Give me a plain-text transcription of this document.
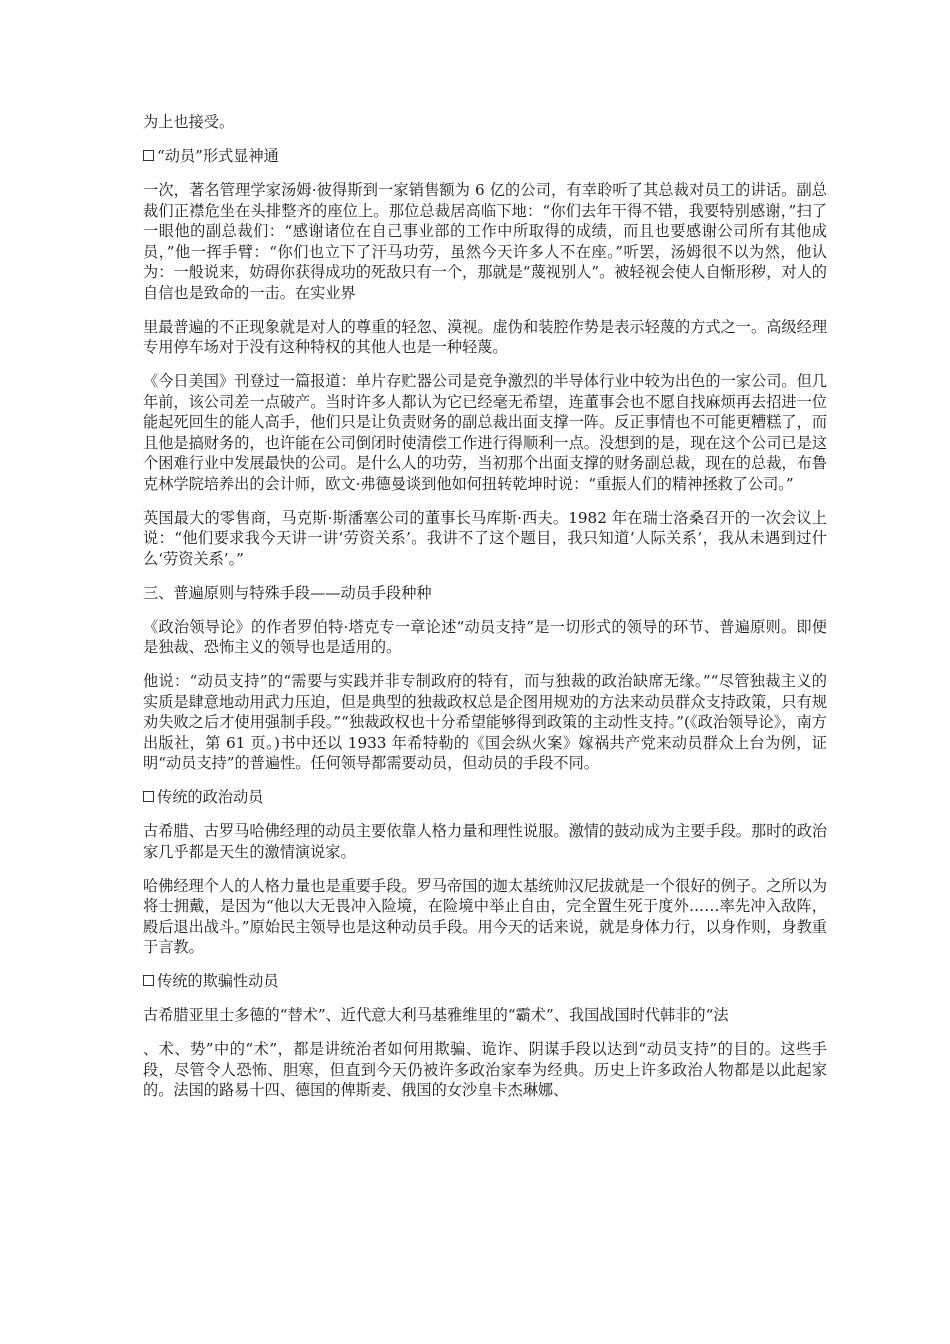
为上也接受。

“动员”形式显神通

一次，著名管理学家汤姆·彼得斯到一家销售额为 6 亿的公司，有幸聆听了其总裁对员工的讲话。副总裁们正襟危坐在头排整齐的座位上。那位总裁居高临下地：“你们去年干得不错，我要特别感谢，”扫了一眼他的副总裁们：“感谢诸位在自己事业部的工作中所取得的成绩，而且也要感谢公司所有其他成员，”他一挥手臂：“你们也立下了汗马功劳，虽然今天许多人不在座。”听罢，汤姆很不以为然，他认为：一般说来，妨碍你获得成功的死敌只有一个，那就是“蔑视别人”。被轻视会使人自惭形秽，对人的自信也是致命的一击。在实业界

里最普遍的不正现象就是对人的尊重的轻忽、漠视。虚伪和装腔作势是表示轻蔑的方式之一。高级经理专用停车场对于没有这种特权的其他人也是一种轻蔑。

《今日美国》刊登过一篇报道：单片存贮器公司是竞争激烈的半导体行业中较为出色的一家公司。但几年前，该公司差一点破产。当时许多人都认为它已经毫无希望，连董事会也不愿自找麻烦再去招进一位能起死回生的能人高手，他们只是让负责财务的副总裁出面支撑一阵。反正事情也不可能更糟糕了，而且他是搞财务的，也许能在公司倒闭时使清偿工作进行得顺利一点。没想到的是，现在这个公司已是这个困难行业中发展最快的公司。是什么人的功劳，当初那个出面支撑的财务副总裁，现在的总裁，布鲁克林学院培养出的会计师，欧文·弗德曼谈到他如何扭转乾坤时说：“重振人们的精神拯救了公司。”

英国最大的零售商，马克斯·斯潘塞公司的董事长马库斯·西夫。1982 年在瑞士洛桑召开的一次会议上说：“他们要求我今天讲一讲‘劳资关系’。我讲不了这个题目，我只知道‘人际关系’，我从未遇到过什么‘劳资关系’。”

三、普遍原则与特殊手段——动员手段种种

《政治领导论》的作者罗伯特·塔克专一章论述“动员支持”是一切形式的领导的环节、普遍原则。即便是独裁、恐怖主义的领导也是适用的。

他说：“动员支持”的“需要与实践并非专制政府的特有，而与独裁的政治缺席无缘。”“尽管独裁主义的实质是肆意地动用武力压迫，但是典型的独裁政权总是企图用规劝的方法来动员群众支持政策，只有规劝失败之后才使用强制手段。”“独裁政权也十分希望能够得到政策的主动性支持。”(《政治领导论》，南方出版社，第 61 页。)书中还以 1933 年希特勒的《国会纵火案》嫁祸共产党来动员群众上台为例，证明“动员支持”的普遍性。任何领导都需要动员，但动员的手段不同。

传统的政治动员

古希腊、古罗马哈佛经理的动员主要依靠人格力量和理性说服。激情的鼓动成为主要手段。那时的政治家几乎都是天生的激情演说家。

哈佛经理个人的人格力量也是重要手段。罗马帝国的迦太基统帅汉尼拔就是一个很好的例子。之所以为将士拥戴，是因为“他以大无畏冲入险境，在险境中举止自由，完全置生死于度外……率先冲入敌阵，殿后退出战斗。”原始民主领导也是这种动员手段。用今天的话来说，就是身体力行，以身作则，身教重于言教。

传统的欺骗性动员

古希腊亚里士多德的“替术”、近代意大利马基雅维里的“霸术”、我国战国时代韩非的“法

、术、势”中的“术”，都是讲统治者如何用欺骗、诡诈、阴谋手段以达到“动员支持”的目的。这些手段，尽管令人恐怖、胆寒，但直到今天仍被许多政治家奉为经典。历史上许多政治人物都是以此起家的。法国的路易十四、德国的俾斯麦、俄国的女沙皇卡杰琳娜、
